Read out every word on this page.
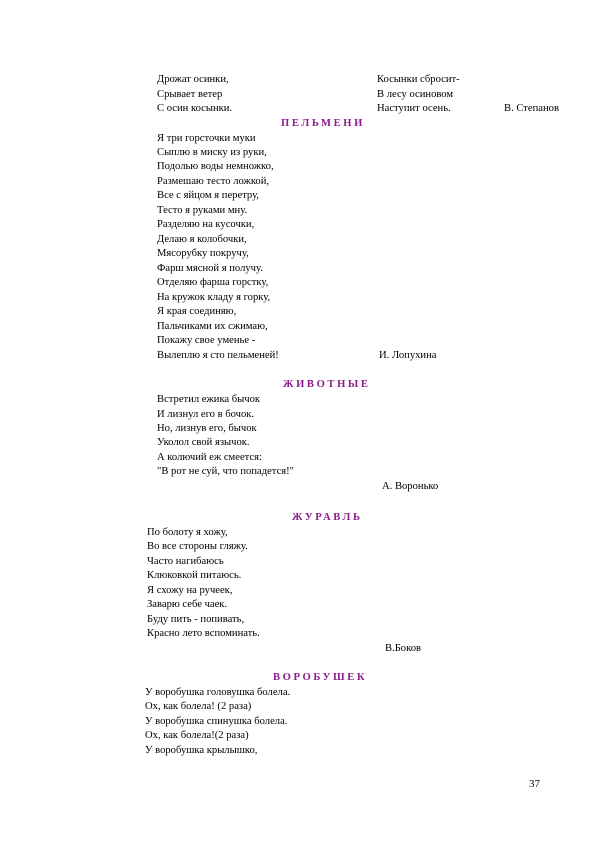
Дрожат осинки,
Срывает ветер
С осин косынки.
Косынки сбросит-
В лесу осиновом
Наступит осень.	В. Степанов
ПЕЛЬМЕНИ
Я три горсточки муки
Сыплю в миску из руки,
Подолью воды немножко,
Размешаю тесто ложкой,
Все с яйцом я перетру,
Тесто я руками мну.
Разделяю на кусочки,
Делаю я колобочки,
Мясорубку покручу,
Фарш мясной я получу.
Отделяю фарша горстку,
На кружок кладу я горку,
Я края соединяю,
Пальчиками их сжимаю,
Покажу свое уменье -
Вылеплю я сто пельменей!	И. Лопухина
ЖИВОТНЫЕ
Встретил ежика бычок
И лизнул его в бочок.
Но, лизнув его, бычок
Уколол свой язычок.
А колючий еж смеется:
"В рот не суй, что попадется!"
А. Воронько
ЖУРАВЛЬ
По болоту я хожу,
Во все стороны гляжу.
Часто нагибаюсь
Клюковкой питаюсь.
Я схожу на ручеек,
Заварю себе чаек.
Буду пить - попивать,
Красно лето вспоминать.
В.Боков
ВОРОБУШЕК
У воробушка головушка болела.
Ох, как болела! (2 раза)
У воробушка спинушка болела.
Ох, как болела!(2 раза)
У воробушка крылышко,
37
